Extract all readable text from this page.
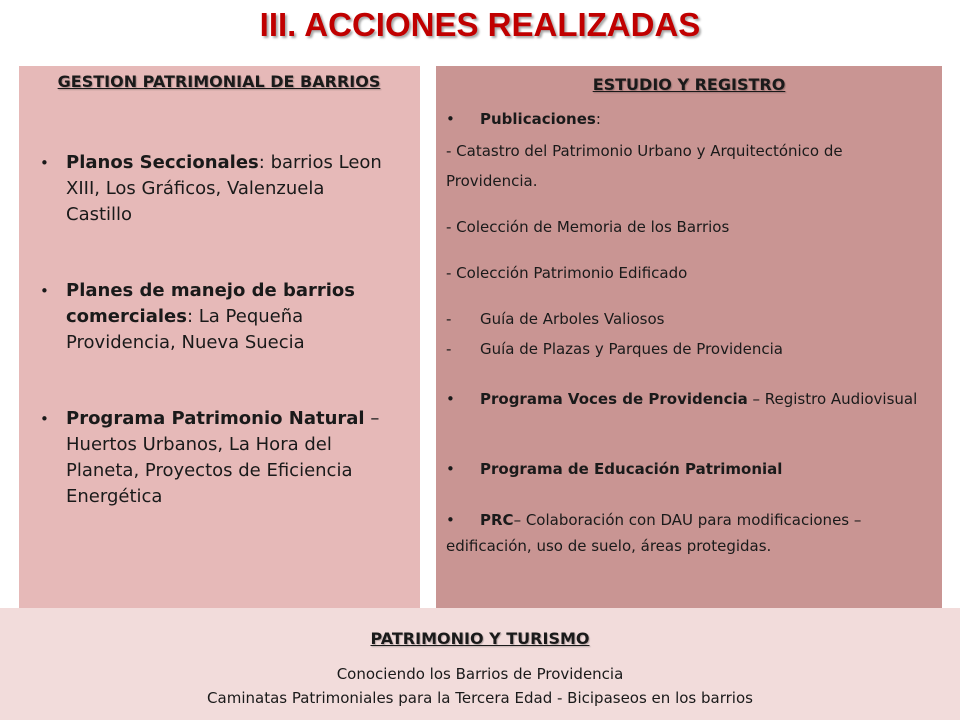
III. ACCIONES REALIZADAS
GESTION PATRIMONIAL DE BARRIOS
• Planos Seccionales: barrios Leon XIII, Los Gráficos, Valenzuela Castillo
• Planes de manejo de barrios comerciales: La Pequeña Providencia, Nueva Suecia
• Programa Patrimonio Natural – Huertos Urbanos, La Hora del Planeta, Proyectos de Eficiencia Energética
ESTUDIO Y REGISTRO
• Publicaciones:
- Catastro del Patrimonio Urbano y Arquitectónico de Providencia.
- Colección de Memoria de los Barrios
- Colección Patrimonio Edificado
- Guía de Arboles Valiosos
- Guía de Plazas y Parques de Providencia
• Programa Voces de Providencia – Registro Audiovisual
• Programa de Educación Patrimonial
• PRC– Colaboración con DAU para modificaciones – edificación, uso de suelo, áreas protegidas.
PATRIMONIO Y TURISMO
Conociendo los Barrios de Providencia
Caminatas Patrimoniales para la Tercera Edad - Bicipaseos en los barrios
